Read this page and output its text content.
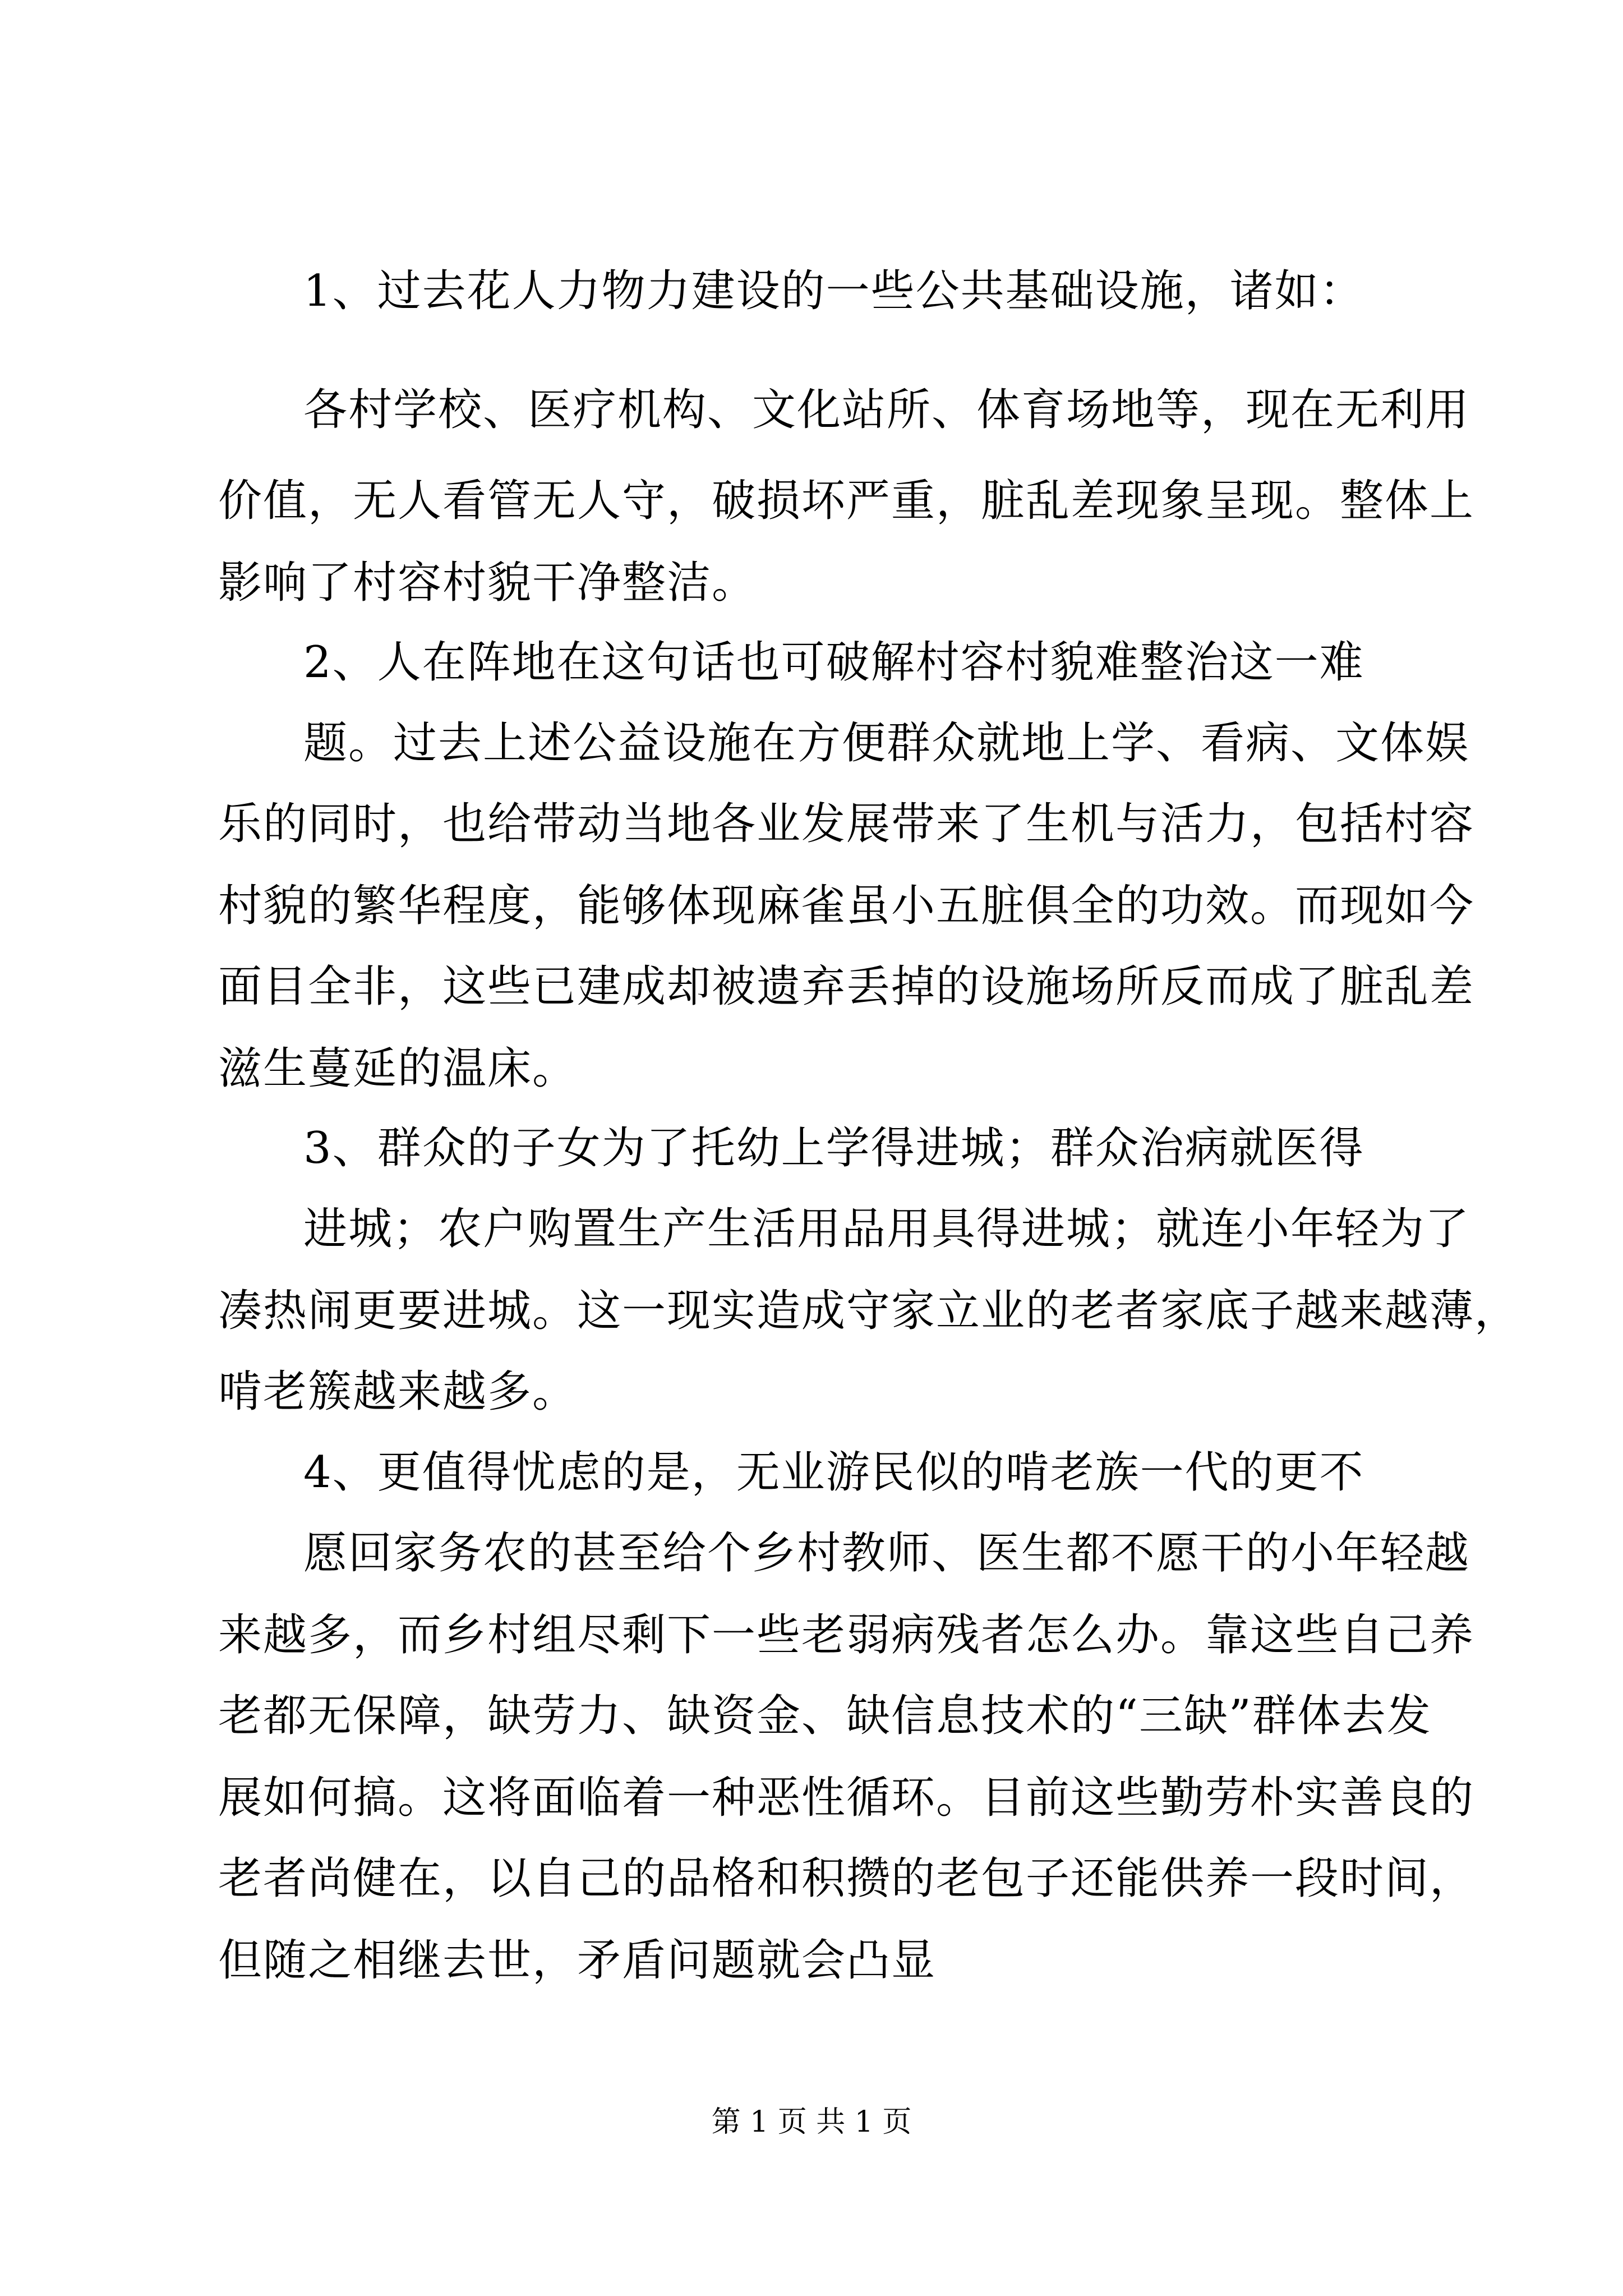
1、过去花人力物力建设的一些公共基础设施，诸如：
各村学校、医疗机构、文化站所、体育场地等，现在无利用
价值，无人看管无人守，破损坏严重，脏乱差现象呈现。整体上
影响了村容村貌干净整洁。
2、人在阵地在这句话也可破解村容村貌难整治这一难
题。过去上述公益设施在方便群众就地上学、看病、文体娱
乐的同时，也给带动当地各业发展带来了生机与活力，包括村容
村貌的繁华程度，能够体现麻雀虽小五脏俱全的功效。而现如今
面目全非，这些已建成却被遗弃丢掉的设施场所反而成了脏乱差
滋生蔓延的温床。
3、群众的子女为了托幼上学得进城；群众治病就医得
进城；农户购置生产生活用品用具得进城；就连小年轻为了
凑热闹更要进城。这一现实造成守家立业的老者家底子越来越薄，
啃老簇越来越多。
4、更值得忧虑的是，无业游民似的啃老族一代的更不
愿回家务农的甚至给个乡村教师、医生都不愿干的小年轻越
来越多，而乡村组尽剩下一些老弱病残者怎么办。靠这些自己养
老都无保障，缺劳力、缺资金、缺信息技术的“三缺”群体去发
展如何搞。这将面临着一种恶性循环。目前这些勤劳朴实善良的
老者尚健在，以自己的品格和积攒的老包子还能供养一段时间，
但随之相继去世，矛盾问题就会凸显
第 1 页 共 1 页
